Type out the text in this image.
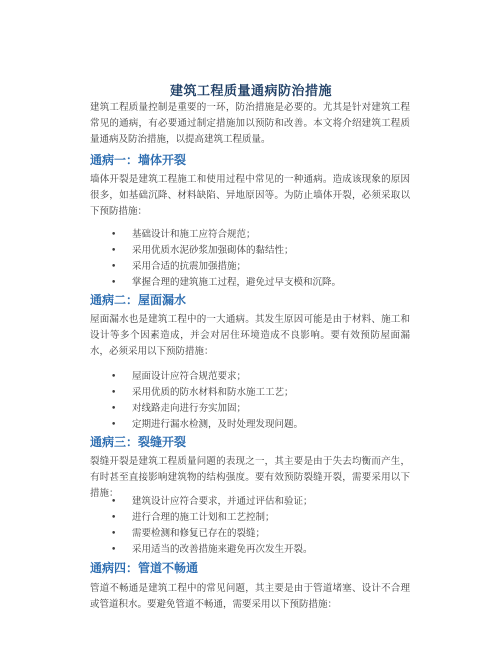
建筑工程质量通病防治措施

建筑工程质量控制是重要的一环，防治措施是必要的。尤其是针对建筑工程常见的通病，有必要通过制定措施加以预防和改善。本文将介绍建筑工程质量通病及防治措施，以提高建筑工程质量。

通病一：墙体开裂

墙体开裂是建筑工程施工和使用过程中常见的一种通病。造成该现象的原因很多，如基础沉降、材料缺陷、异地原因等。为防止墙体开裂，必须采取以下预防措施：

• 基础设计和施工应符合规范；
• 采用优质水泥砂浆加强砌体的黏结性；
• 采用合适的抗震加强措施；
• 掌握合理的建筑施工过程，避免过早支模和沉降。
通病二：屋面漏水

屋面漏水也是建筑工程中的一大通病。其发生原因可能是由于材料、施工和设计等多个因素造成，并会对居住环境造成不良影响。要有效预防屋面漏水，必须采用以下预防措施：

• 屋面设计应符合规范要求；
• 采用优质的防水材料和防水施工工艺；
• 对线路走向进行夯实加固；
• 定期进行漏水检测，及时处理发现问题。
通病三：裂缝开裂

裂缝开裂是建筑工程质量问题的表现之一，其主要是由于失去均衡而产生，有时甚至直接影响建筑物的结构强度。要有效预防裂缝开裂，需要采用以下措施：

• 建筑设计应符合要求，并通过评估和验证；
• 进行合理的施工计划和工艺控制；
• 需要检测和修复已存在的裂缝；
• 采用适当的改善措施来避免再次发生开裂。
通病四：管道不畅通

管道不畅通是建筑工程中的常见问题，其主要是由于管道堵塞、设计不合理或管道积水。要避免管道不畅通，需要采用以下预防措施：
